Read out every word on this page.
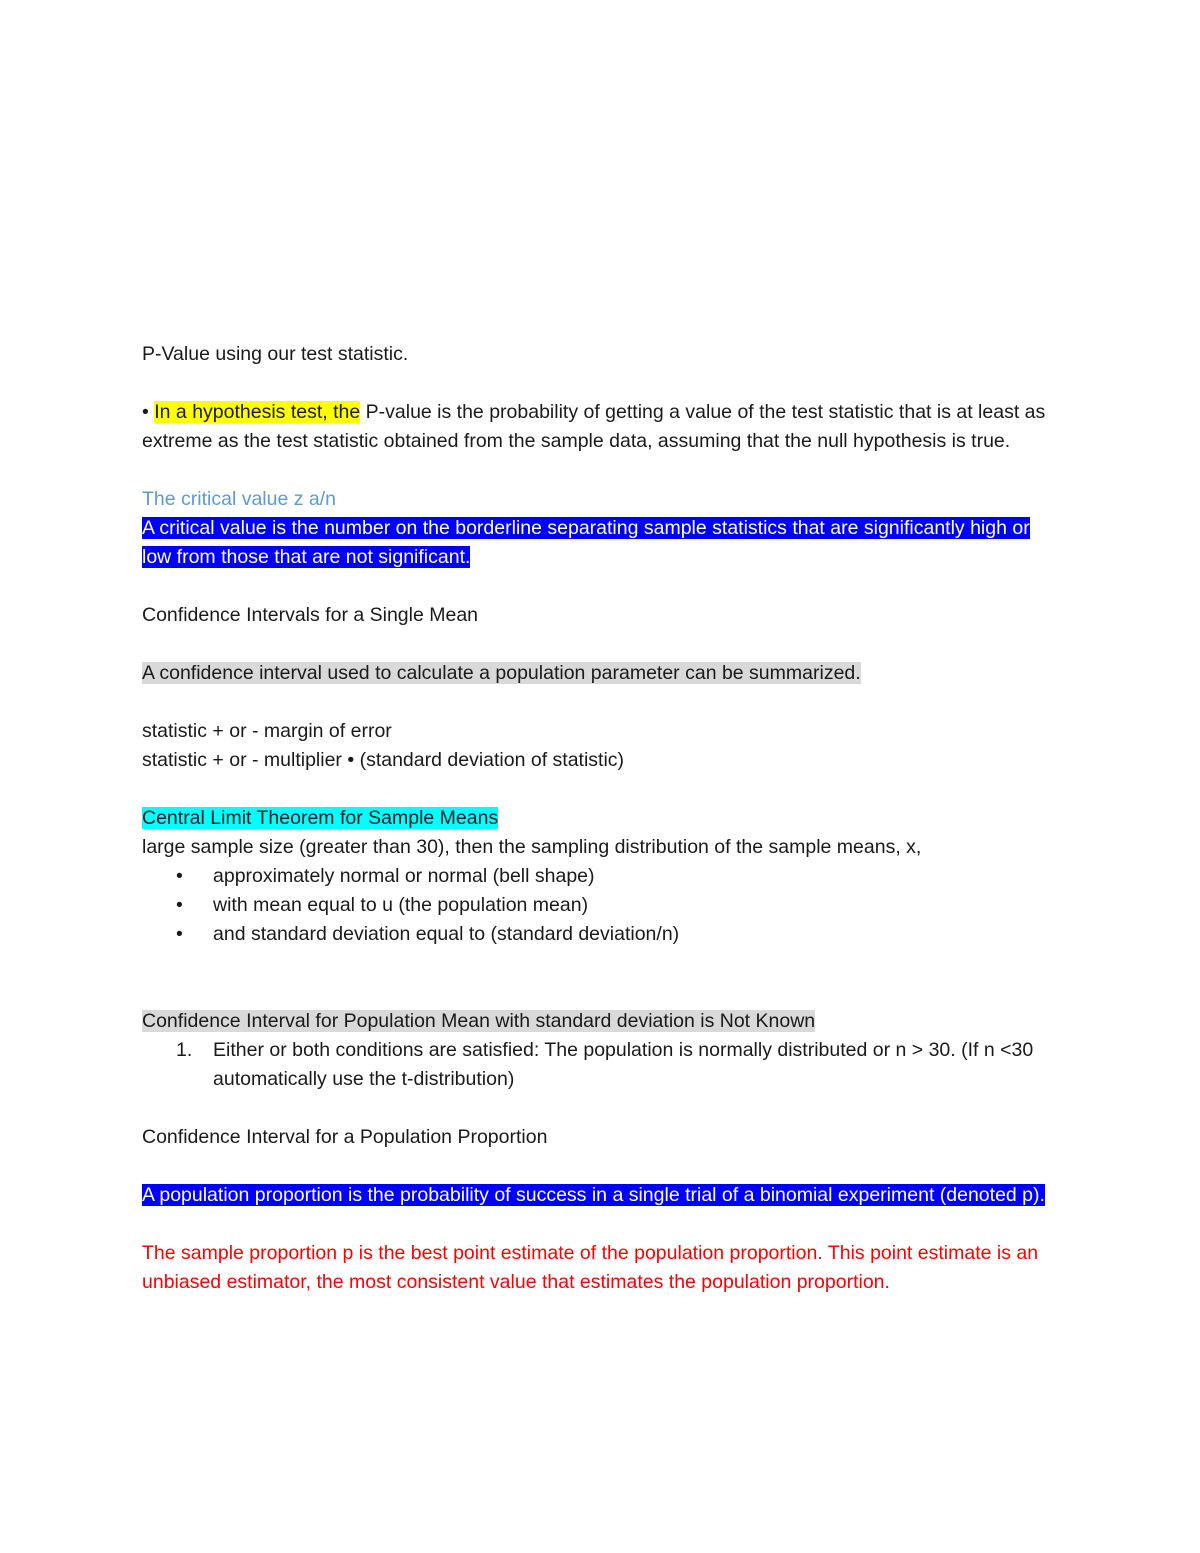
P-Value using our test statistic.

• In a hypothesis test, the P-value is the probability of getting a value of the test statistic that is at least as extreme as the test statistic obtained from the sample data, assuming that the null hypothesis is true.

The critical value z a/n

A critical value is the number on the borderline separating sample statistics that are significantly high or low from those that are not significant.

Confidence Intervals for a Single Mean

A confidence interval used to calculate a population parameter can be summarized.

statistic + or - margin of error

statistic + or - multiplier • (standard deviation of statistic)

Central Limit Theorem for Sample Means

large sample size (greater than 30), then the sampling distribution of the sample means, x,

• approximately normal or normal (bell shape)
• with mean equal to u (the population mean)
• and standard deviation equal to (standard deviation/n)

Confidence Interval for Population Mean with standard deviation is Not Known

1. Either or both conditions are satisfied: The population is normally distributed or n > 30. (If n <30 automatically use the t-distribution)

Confidence Interval for a Population Proportion

A population proportion is the probability of success in a single trial of a binomial experiment (denoted p).

The sample proportion p is the best point estimate of the population proportion. This point estimate is an unbiased estimator, the most consistent value that estimates the population proportion.
